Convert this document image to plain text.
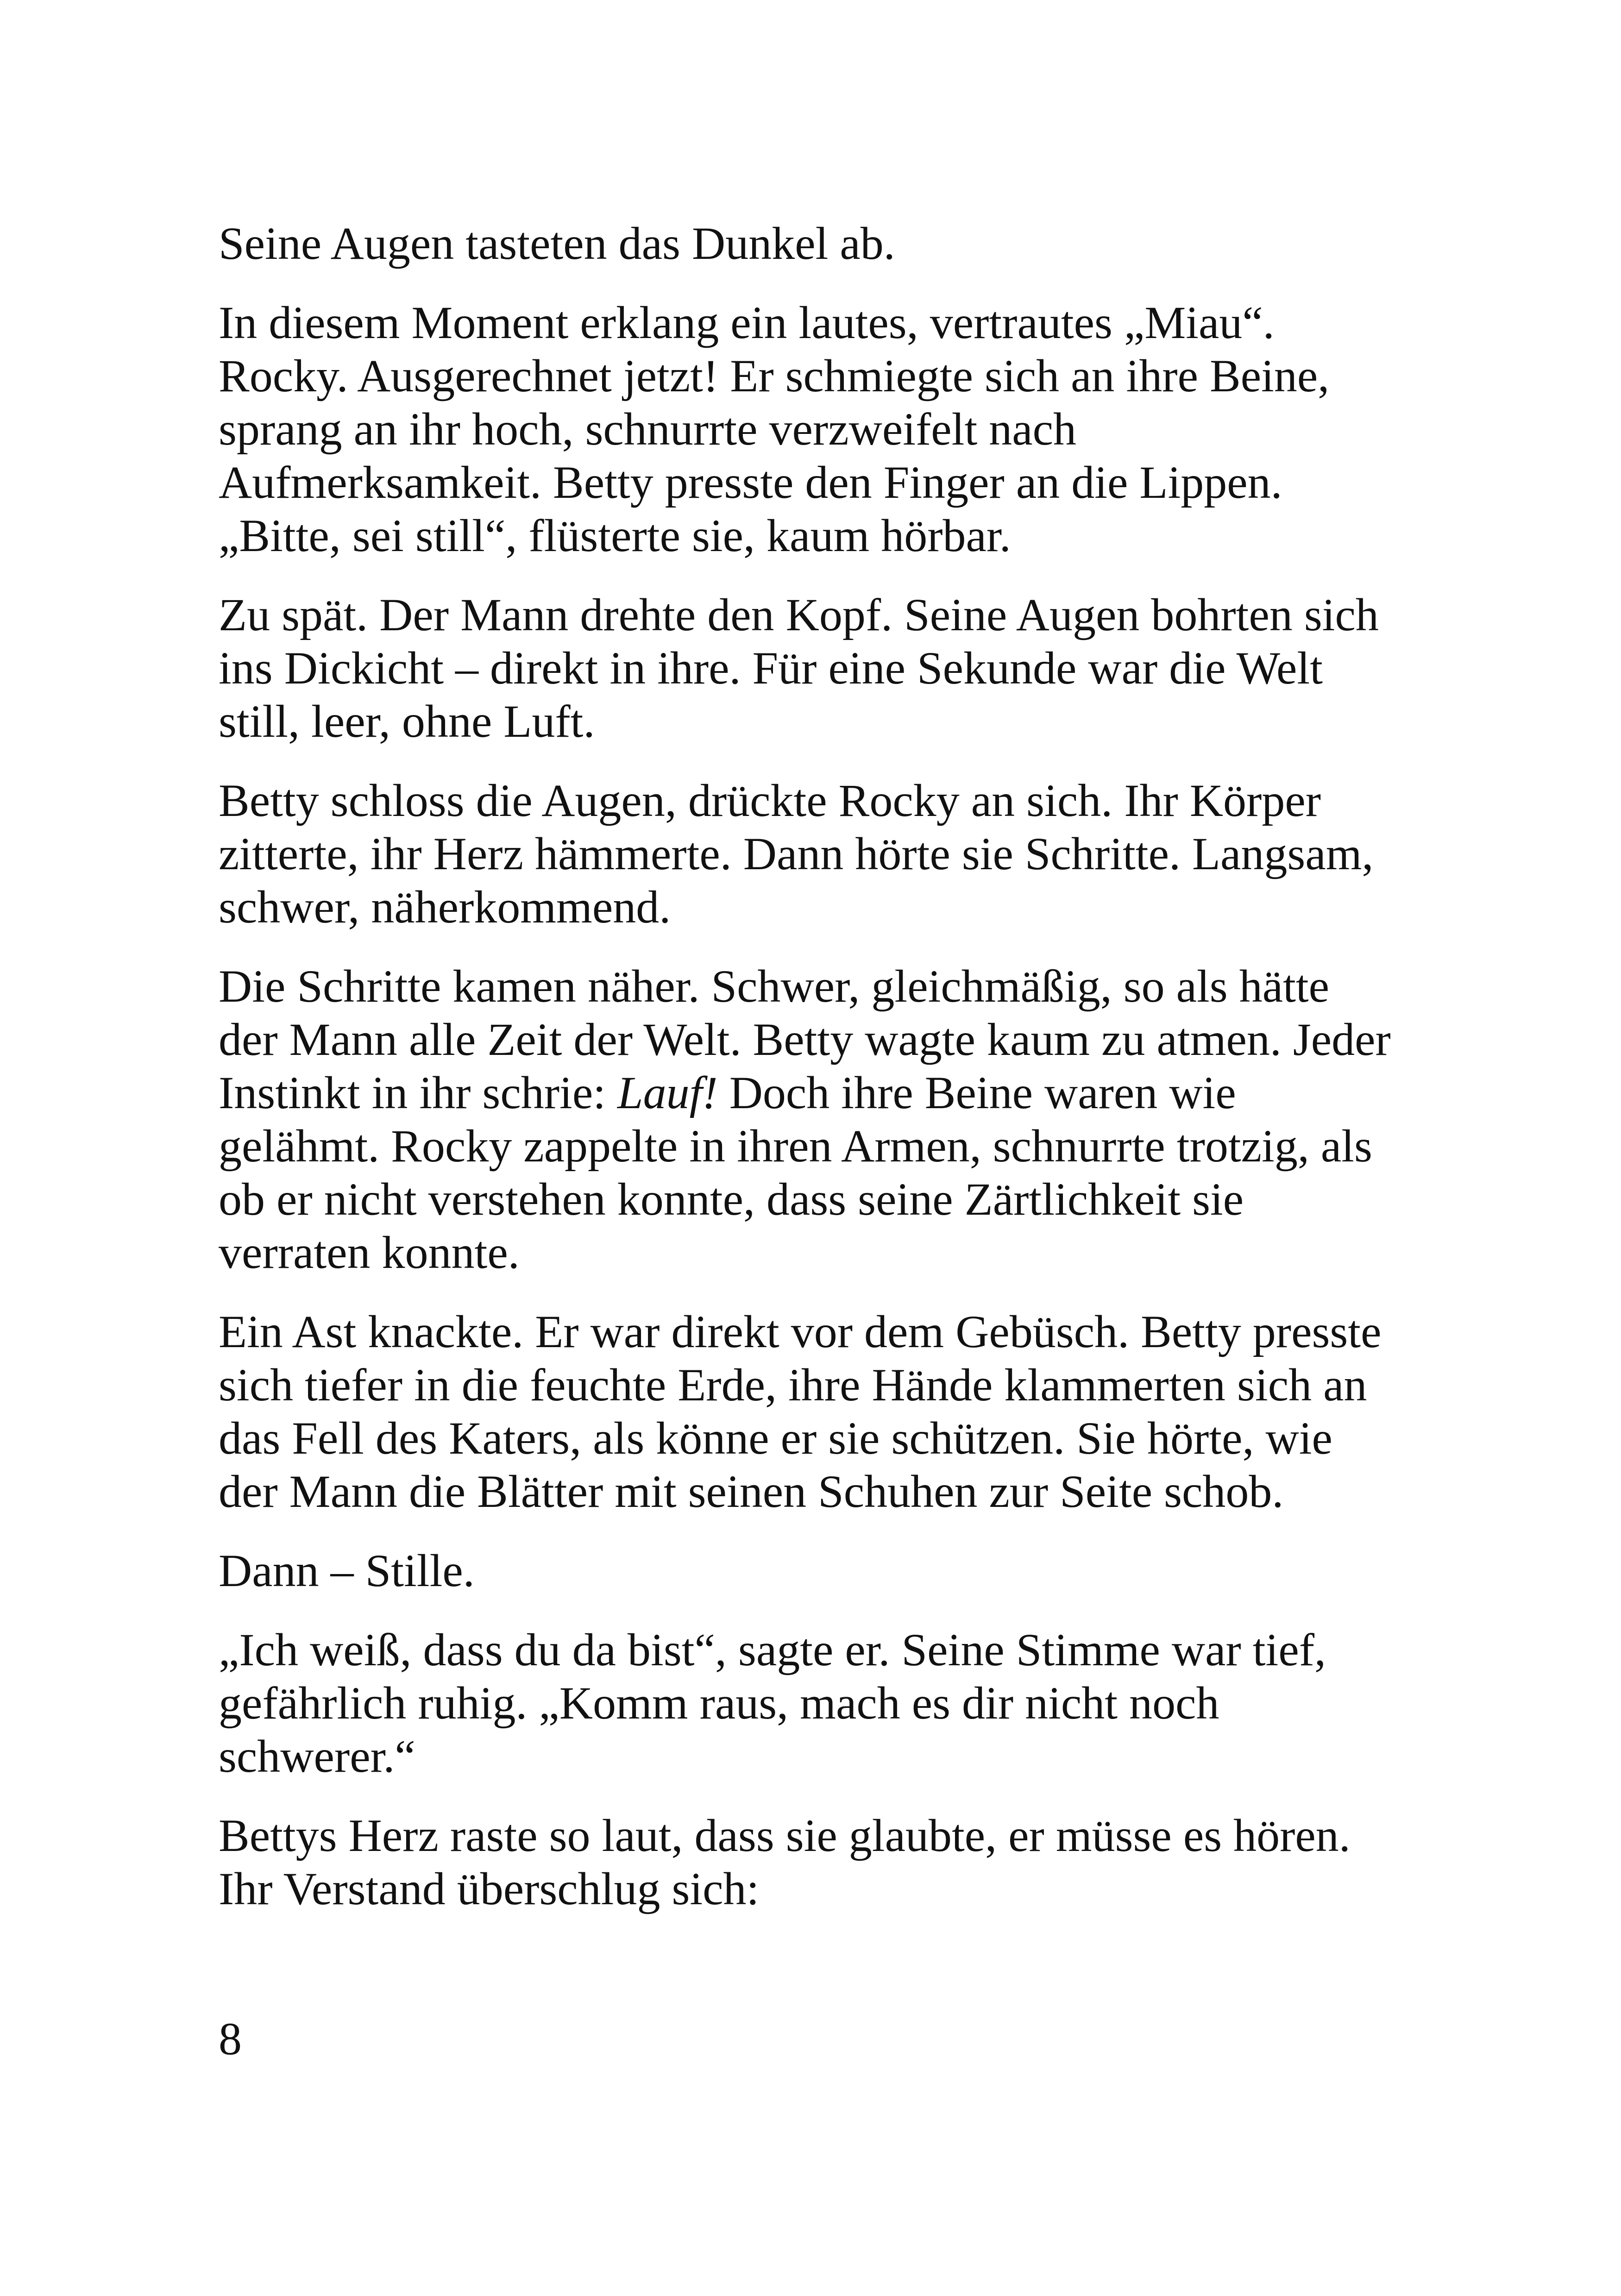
Seine Augen tasteten das Dunkel ab.

In diesem Moment erklang ein lautes, vertrautes „Miau“.
Rocky. Ausgerechnet jetzt! Er schmiegte sich an ihre Beine,
sprang an ihr hoch, schnurrte verzweifelt nach
Aufmerksamkeit. Betty presste den Finger an die Lippen.
„Bitte, sei still“, flüsterte sie, kaum hörbar.

Zu spät. Der Mann drehte den Kopf. Seine Augen bohrten sich
ins Dickicht – direkt in ihre. Für eine Sekunde war die Welt
still, leer, ohne Luft.

Betty schloss die Augen, drückte Rocky an sich. Ihr Körper
zitterte, ihr Herz hämmerte. Dann hörte sie Schritte. Langsam,
schwer, näherkommend.

Die Schritte kamen näher. Schwer, gleichmäßig, so als hätte
der Mann alle Zeit der Welt. Betty wagte kaum zu atmen. Jeder
Instinkt in ihr schrie: Lauf! Doch ihre Beine waren wie
gelähmt. Rocky zappelte in ihren Armen, schnurrte trotzig, als
ob er nicht verstehen konnte, dass seine Zärtlichkeit sie
verraten konnte.

Ein Ast knackte. Er war direkt vor dem Gebüsch. Betty presste
sich tiefer in die feuchte Erde, ihre Hände klammerten sich an
das Fell des Katers, als könne er sie schützen. Sie hörte, wie
der Mann die Blätter mit seinen Schuhen zur Seite schob.

Dann – Stille.

„Ich weiß, dass du da bist“, sagte er. Seine Stimme war tief,
gefährlich ruhig. „Komm raus, mach es dir nicht noch
schwerer.“

Bettys Herz raste so laut, dass sie glaubte, er müsse es hören.
Ihr Verstand überschlug sich:

8
